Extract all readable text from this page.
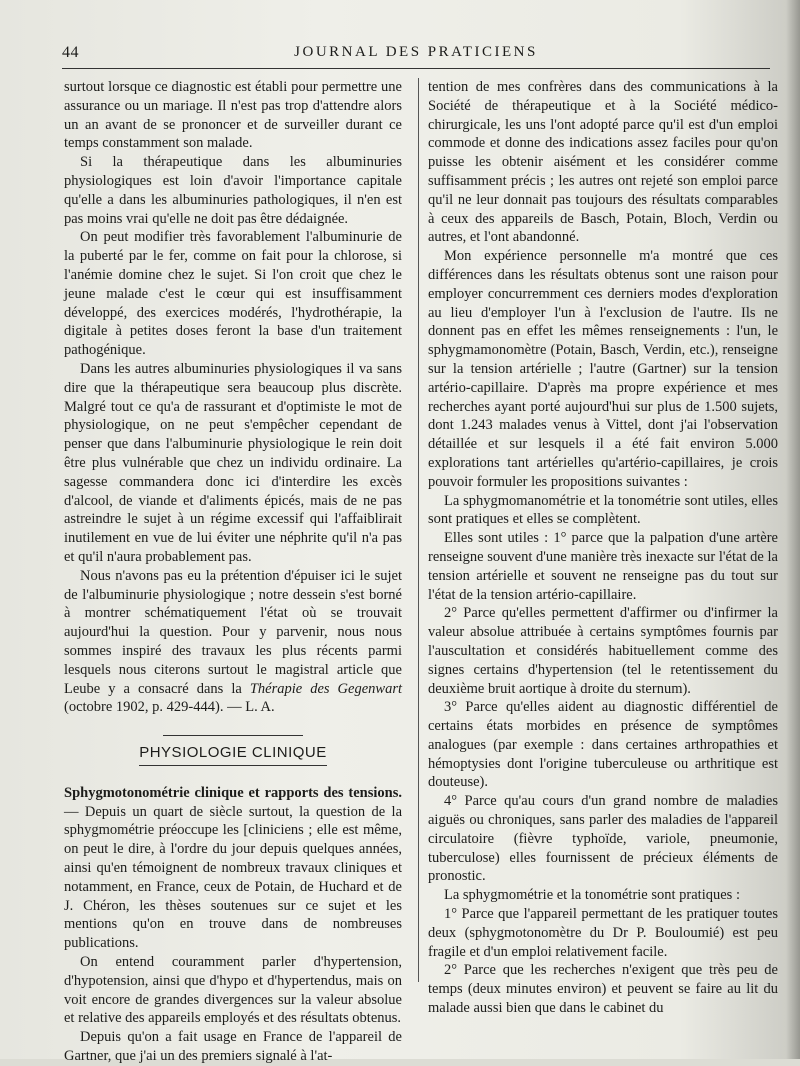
44	JOURNAL DES PRATICIENS

surtout lorsque ce diagnostic est établi pour permettre une assurance ou un mariage. Il n'est pas trop d'attendre alors un an avant de se prononcer et de surveiller durant ce temps constamment son malade.

Si la thérapeutique dans les albuminuries physiologiques est loin d'avoir l'importance capitale qu'elle a dans les albuminuries pathologiques, il n'en est pas moins vrai qu'elle ne doit pas être dédaignée.

On peut modifier très favorablement l'albuminurie de la puberté par le fer, comme on fait pour la chlorose, si l'anémie domine chez le sujet. Si l'on croit que chez le jeune malade c'est le cœur qui est insuffisamment développé, des exercices modérés, l'hydrothérapie, la digitale à petites doses feront la base d'un traitement pathogénique.

Dans les autres albuminuries physiologiques il va sans dire que la thérapeutique sera beaucoup plus discrète. Malgré tout ce qu'a de rassurant et d'optimiste le mot de physiologique, on ne peut s'empêcher cependant de penser que dans l'albuminurie physiologique le rein doit être plus vulnérable que chez un individu ordinaire. La sagesse commandera donc ici d'interdire les excès d'alcool, de viande et d'aliments épicés, mais de ne pas astreindre le sujet à un régime excessif qui l'affaiblirait inutilement en vue de lui éviter une néphrite qu'il n'a pas et qu'il n'aura probablement pas.

Nous n'avons pas eu la prétention d'épuiser ici le sujet de l'albuminurie physiologique ; notre dessein s'est borné à montrer schématiquement l'état où se trouvait aujourd'hui la question. Pour y parvenir, nous nous sommes inspiré des travaux les plus récents parmi lesquels nous citerons surtout le magistral article que Leube y a consacré dans la Thérapie des Gegenwart (octobre 1902, p. 429-444). — L. A.

PHYSIOLOGIE CLINIQUE

Sphygmotonométrie clinique et rapports des tensions. — Depuis un quart de siècle surtout, la question de la sphygmométrie préoccupe les [cliniciens ; elle est même, on peut le dire, à l'ordre du jour depuis quelques années, ainsi qu'en témoignent de nombreux travaux cliniques et notamment, en France, ceux de Potain, de Huchard et de J. Chéron, les thèses soutenues sur ce sujet et les mentions qu'on en trouve dans de nombreuses publications.

On entend couramment parler d'hypertension, d'hypotension, ainsi que d'hypo et d'hypertendus, mais on voit encore de grandes divergences sur la valeur absolue et relative des appareils employés et des résultats obtenus.

Depuis qu'on a fait usage en France de l'appareil de Gartner, que j'ai un des premiers signalé à l'at-

tention de mes confrères dans des communications à la Société de thérapeutique et à la Société médico-chirurgicale, les uns l'ont adopté parce qu'il est d'un emploi commode et donne des indications assez faciles pour qu'on puisse les obtenir aisément et les considérer comme suffisamment précis ; les autres ont rejeté son emploi parce qu'il ne leur donnait pas toujours des résultats comparables à ceux des appareils de Basch, Potain, Bloch, Verdin ou autres, et l'ont abandonné.

Mon expérience personnelle m'a montré que ces différences dans les résultats obtenus sont une raison pour employer concurremment ces derniers modes d'exploration au lieu d'employer l'un à l'exclusion de l'autre. Ils ne donnent pas en effet les mêmes renseignements : l'un, le sphygmamonomètre (Potain, Basch, Verdin, etc.), renseigne sur la tension artérielle ; l'autre (Gartner) sur la tension artério-capillaire. D'après ma propre expérience et mes recherches ayant porté aujourd'hui sur plus de 1.500 sujets, dont 1.243 malades venus à Vittel, dont j'ai l'observation détaillée et sur lesquels il a été fait environ 5.000 explorations tant artérielles qu'artério-capillaires, je crois pouvoir formuler les propositions suivantes :

La sphygmomanométrie et la tonométrie sont utiles, elles sont pratiques et elles se complètent.

Elles sont utiles : 1° parce que la palpation d'une artère renseigne souvent d'une manière très inexacte sur l'état de la tension artérielle et souvent ne renseigne pas du tout sur l'état de la tension artério-capillaire.

2° Parce qu'elles permettent d'affirmer ou d'infirmer la valeur absolue attribuée à certains symptômes fournis par l'auscultation et considérés habituellement comme des signes certains d'hypertension (tel le retentissement du deuxième bruit aortique à droite du sternum).

3° Parce qu'elles aident au diagnostic différentiel de certains états morbides en présence de symptômes analogues (par exemple : dans certaines arthropathies et hémoptysies dont l'origine tuberculeuse ou arthritique est douteuse).

4° Parce qu'au cours d'un grand nombre de maladies aiguës ou chroniques, sans parler des maladies de l'appareil circulatoire (fièvre typhoïde, variole, pneumonie, tuberculose) elles fournissent de précieux éléments de pronostic.

La sphygmométrie et la tonométrie sont pratiques :

1° Parce que l'appareil permettant de les pratiquer toutes deux (sphygmotonomètre du Dr P. Bouloumié) est peu fragile et d'un emploi relativement facile.

2° Parce que les recherches n'exigent que très peu de temps (deux minutes environ) et peuvent se faire au lit du malade aussi bien que dans le cabinet du
